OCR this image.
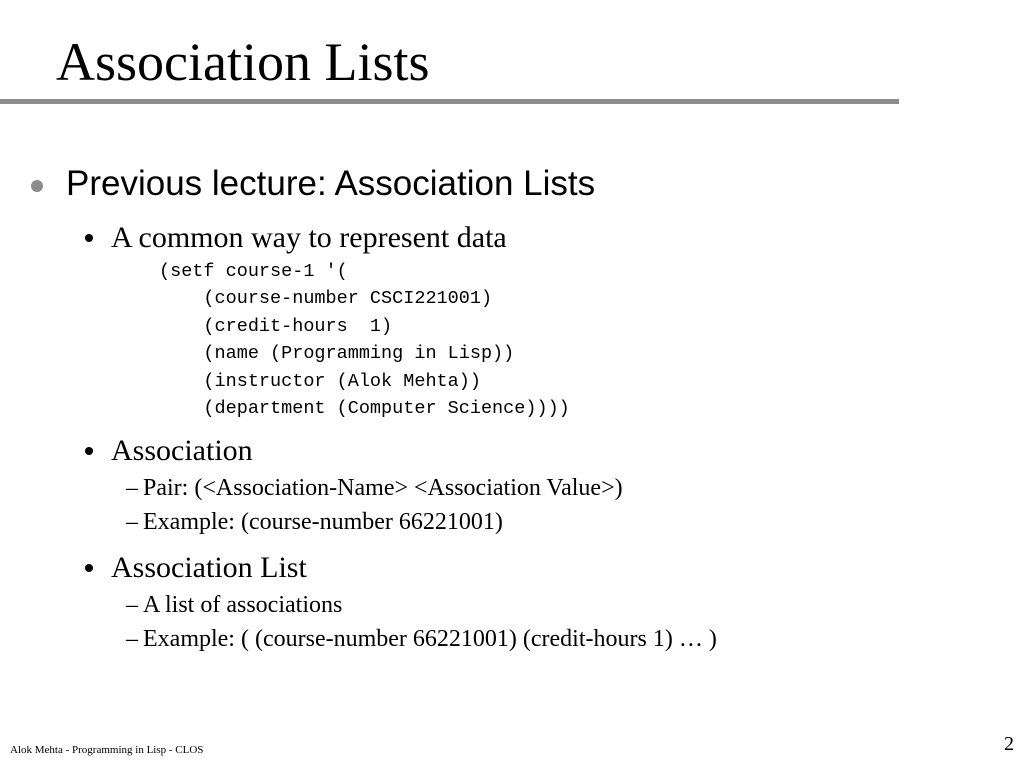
Association Lists
Previous lecture: Association Lists
A common way to represent data
(setf course-1 '(
(course-number CSCI221001)
(credit-hours  1)
(name (Programming in Lisp))
(instructor (Alok Mehta))
(department (Computer Science))))
Association
– Pair: (<Association-Name> <Association Value>)
– Example: (course-number 66221001)
Association List
– A list of associations
– Example: ( (course-number 66221001) (credit-hours 1) … )
Alok Mehta - Programming in Lisp - CLOS	2
